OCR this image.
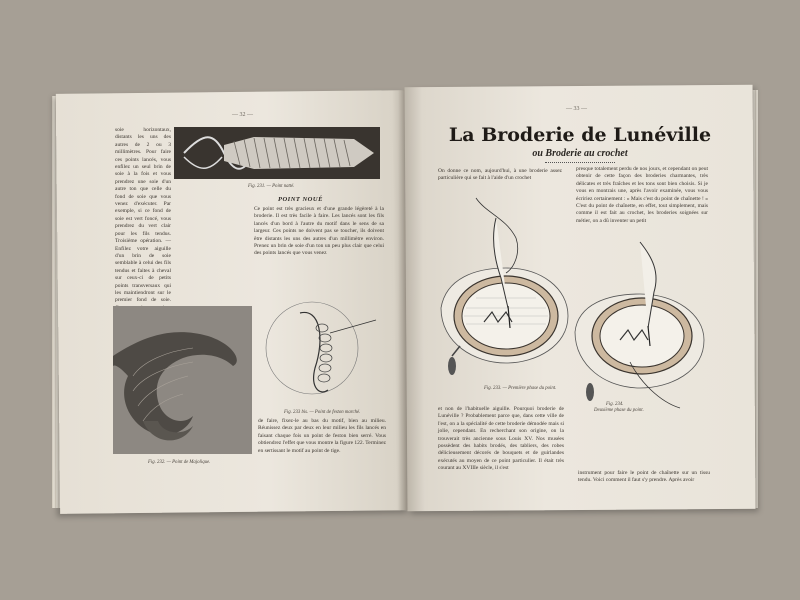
— 32 —
soie horizontaux, distants les uns des autres de 2 ou 3 millimètres. Pour faire ces points lancés, vous enfilez un seul brin de soie à la fois et vous prendrez une soie d'un autre ton que celle du fond de soie que vous venez d'exécuter. Par exemple, si ce fond de soie est vert foncé, vous prendrez du vert clair pour les fils tendus. Troisième opération. — Enfilez votre aiguille d'un brin de soie semblable à celui des fils tendus et faites à cheval sur ceux-ci de petits points transversaux qui les maintiendront sur le premier fond de soie.
Fig. 231. — Point natté.
POINT NOUÉ
Ce point est très gracieux et d'une grande légèreté à la broderie. Il est très facile à faire. Les lancés sont les fils lancés d'un bord à l'autre du motif dans le sens de sa largeur. Ces points ne doivent pas se toucher, ils doivent être distants les uns des autres d'un millimètre environ. Prenez un brin de soie d'un ton un peu plus clair que celui des points lancés que vous venez
Fig. 233 bis. — Point de feston marché.
Fig. 232. — Point de Majolique.
de faire, fixez-le au bas du motif, bien au milieu. Réunissez deux par deux en leur milieu les fils lancés en faisant chaque fois un point de feston bien serré. Vous obtiendrez l'effet que vous montre la figure 122. Terminez en sertissant le motif au point de tige.
— 33 —
La Broderie de Lunéville
ou Broderie au crochet
On donne ce nom, aujourd'hui, à une broderie assez particulière qui se fait à l'aide d'un crochet
presque totalement perdu de nos jours, et cependant on peut obtenir de cette façon des broderies charmantes, très délicates et très fraîches et les tons sont bien choisis. Si je vous en montrais une, après l'avoir examinée, vous vous écririez certainement : « Mais c'est du point de chaînette ! » C'est du point de chaînette, en effet, tout simplement, mais comme il est fait au crochet, les broderies soignées sur métier, on a dû inventer un petit
Fig. 233. — Première phase du point.
Fig. 234.
Deuxième phase du point.
et non de l'habituelle aiguille. Pourquoi broderie de Lunéville ? Probablement parce que, dans cette ville de l'est, on a la spécialité de cette broderie démodée mais si jolie, cependant. En recherchant son origine, on la trouverait très ancienne sous Louis XV. Nos musées possèdent des habits brodés, des tabliers, des robes délicieusement décorés de bouquets et de guirlandes exécutés au moyen de ce point particulier. Il était très courant au XVIIIe siècle, il s'est
instrument pour faire le point de chaînette sur un tissu tendu. Voici comment il faut s'y prendre. Après avoir
